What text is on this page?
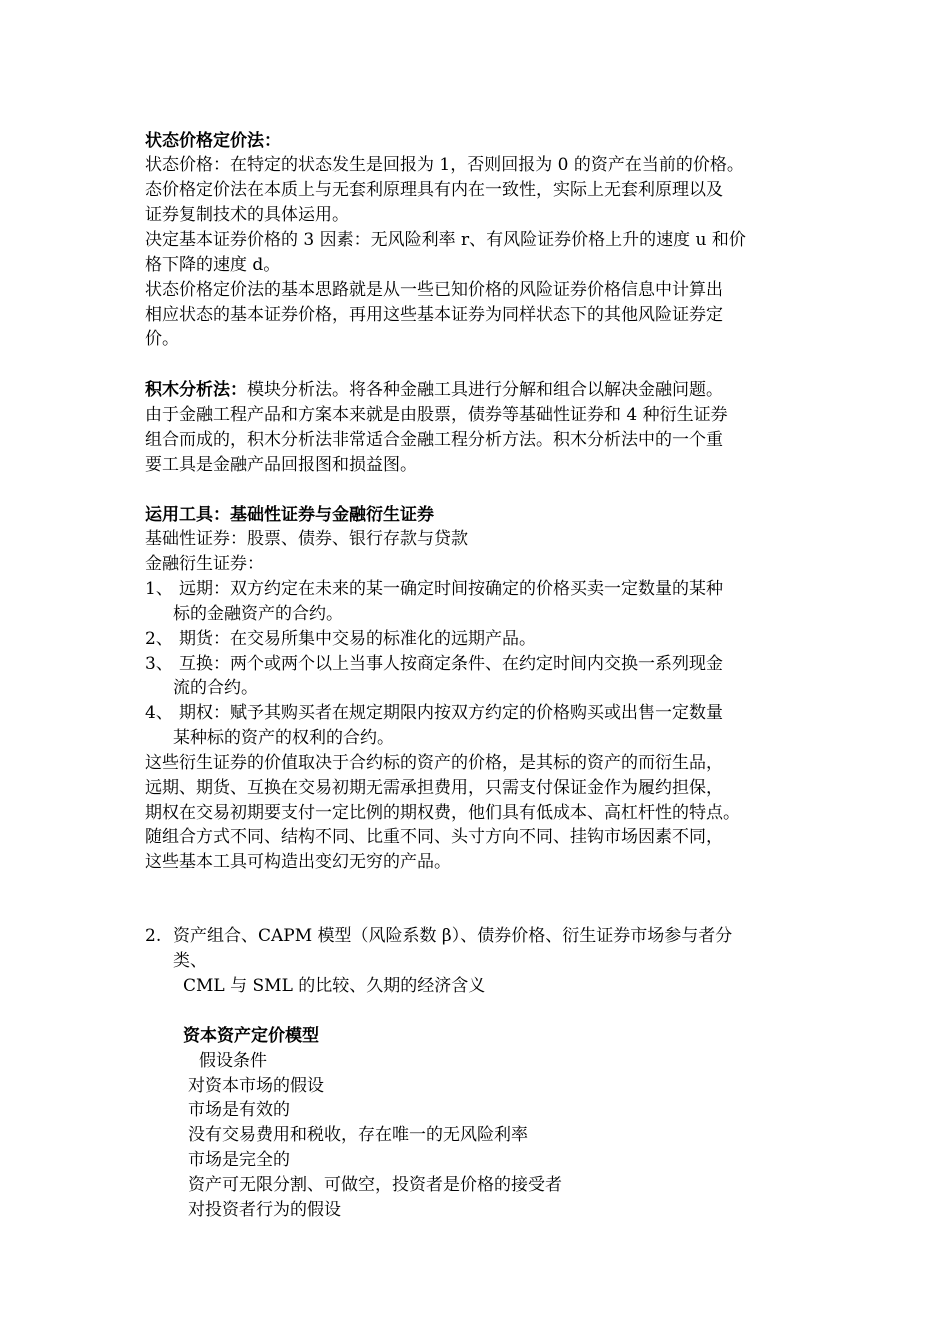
状态价格定价法：
状态价格：在特定的状态发生是回报为 1，否则回报为 0 的资产在当前的价格。
态价格定价法在本质上与无套利原理具有内在一致性，实际上无套利原理以及
证券复制技术的具体运用。
决定基本证券价格的 3 因素：无风险利率 r、有风险证券价格上升的速度 u 和价
格下降的速度 d。
状态价格定价法的基本思路就是从一些已知价格的风险证券价格信息中计算出
相应状态的基本证券价格，再用这些基本证券为同样状态下的其他风险证券定
价。
积木分析法：模块分析法。将各种金融工具进行分解和组合以解决金融问题。
由于金融工程产品和方案本来就是由股票，债券等基础性证券和 4 种衍生证券
组合而成的，积木分析法非常适合金融工程分析方法。积木分析法中的一个重
要工具是金融产品回报图和损益图。
运用工具：基础性证券与金融衍生证券
基础性证券：股票、债券、银行存款与贷款
金融衍生证券：
1、 远期：双方约定在未来的某一确定时间按确定的价格买卖一定数量的某种
标的金融资产的合约。
2、 期货：在交易所集中交易的标准化的远期产品。
3、 互换：两个或两个以上当事人按商定条件、在约定时间内交换一系列现金
流的合约。
4、 期权：赋予其购买者在规定期限内按双方约定的价格购买或出售一定数量
某种标的资产的权利的合约。
这些衍生证券的价值取决于合约标的资产的价格，是其标的资产的而衍生品，
远期、期货、互换在交易初期无需承担费用，只需支付保证金作为履约担保，
期权在交易初期要支付一定比例的期权费，他们具有低成本、高杠杆性的特点。
随组合方式不同、结构不同、比重不同、头寸方向不同、挂钩市场因素不同，
这些基本工具可构造出变幻无穷的产品。
2. 资产组合、CAPM 模型（风险系数 β）、债券价格、衍生证券市场参与者分
类、
CML 与 SML 的比较、久期的经济含义
资本资产定价模型
假设条件
对资本市场的假设
市场是有效的
没有交易费用和税收，存在唯一的无风险利率
市场是完全的
资产可无限分割、可做空，投资者是价格的接受者
对投资者行为的假设
